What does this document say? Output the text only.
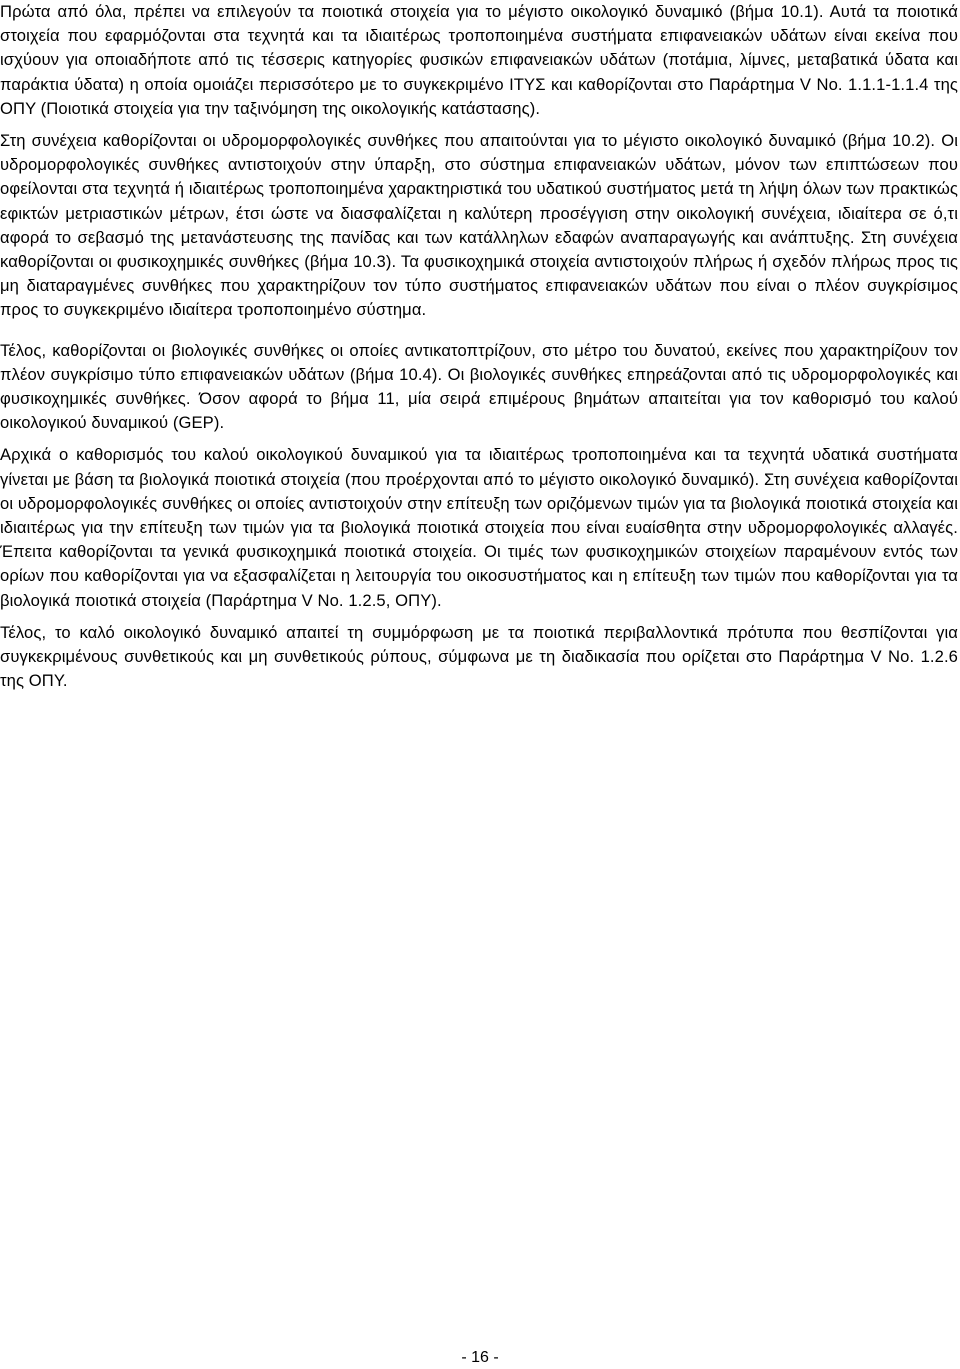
Πρώτα από όλα, πρέπει να επιλεγούν τα ποιοτικά στοιχεία για το μέγιστο οικολογικό δυναμικό (βήμα 10.1). Αυτά τα ποιοτικά στοιχεία που εφαρμόζονται στα τεχνητά και τα ιδιαιτέρως τροποποιημένα συστήματα επιφανειακών υδάτων είναι εκείνα που ισχύουν για οποιαδήποτε από τις τέσσερις κατηγορίες φυσικών επιφανειακών υδάτων (ποτάμια, λίμνες, μεταβατικά ύδατα και παράκτια ύδατα) η οποία ομοιάζει περισσότερο με το συγκεκριμένο ΙΤΥΣ και καθορίζονται στο Παράρτημα V No. 1.1.1-1.1.4 της ΟΠΥ (Ποιοτικά στοιχεία για την ταξινόμηση της οικολογικής κατάστασης).

Στη συνέχεια καθορίζονται οι υδρομορφολογικές συνθήκες που απαιτούνται για το μέγιστο οικολογικό δυναμικό (βήμα 10.2). Οι υδρομορφολογικές συνθήκες αντιστοιχούν στην ύπαρξη, στο σύστημα επιφανειακών υδάτων, μόνον των επιπτώσεων που οφείλονται στα τεχνητά ή ιδιαιτέρως τροποποιημένα χαρακτηριστικά του υδατικού συστήματος μετά τη λήψη όλων των πρακτικώς εφικτών μετριαστικών μέτρων, έτσι ώστε να διασφαλίζεται η καλύτερη προσέγγιση στην οικολογική συνέχεια, ιδιαίτερα σε ό,τι αφορά το σεβασμό της μετανάστευσης της πανίδας και των κατάλληλων εδαφών αναπαραγωγής και ανάπτυξης. Στη συνέχεια καθορίζονται οι φυσικοχημικές συνθήκες (βήμα 10.3). Τα φυσικοχημικά στοιχεία αντιστοιχούν πλήρως ή σχεδόν πλήρως προς τις μη διαταραγμένες συνθήκες που χαρακτηρίζουν τον τύπο συστήματος επιφανειακών υδάτων που είναι ο πλέον συγκρίσιμος προς το συγκεκριμένο ιδιαίτερα τροποποιημένο σύστημα.

Τέλος, καθορίζονται οι βιολογικές συνθήκες οι οποίες αντικατοπτρίζουν, στο μέτρο του δυνατού, εκείνες που χαρακτηρίζουν τον πλέον συγκρίσιμο τύπο επιφανειακών υδάτων (βήμα 10.4). Οι βιολογικές συνθήκες επηρεάζονται από τις υδρομορφολογικές και φυσικοχημικές συνθήκες. Όσον αφορά το βήμα 11, μία σειρά επιμέρους βημάτων απαιτείται για τον καθορισμό του καλού οικολογικού δυναμικού (GEP).

Αρχικά ο καθορισμός του καλού οικολογικού δυναμικού για τα ιδιαιτέρως τροποποιημένα και τα τεχνητά υδατικά συστήματα γίνεται με βάση τα βιολογικά ποιοτικά στοιχεία (που προέρχονται από το μέγιστο οικολογικό δυναμικό). Στη συνέχεια καθορίζονται οι υδρομορφολογικές συνθήκες οι οποίες αντιστοιχούν στην επίτευξη των οριζόμενων τιμών για τα βιολογικά ποιοτικά στοιχεία και ιδιαιτέρως για την επίτευξη των τιμών για τα βιολογικά ποιοτικά στοιχεία που είναι ευαίσθητα στην υδρομορφολογικές αλλαγές. Έπειτα καθορίζονται τα γενικά φυσικοχημικά ποιοτικά στοιχεία. Οι τιμές των φυσικοχημικών στοιχείων παραμένουν εντός των ορίων που καθορίζονται για να εξασφαλίζεται η λειτουργία του οικοσυστήματος και η επίτευξη των τιμών που καθορίζονται για τα βιολογικά ποιοτικά στοιχεία (Παράρτημα V No. 1.2.5, ΟΠΥ).

Τέλος, το καλό οικολογικό δυναμικό απαιτεί τη συμμόρφωση με τα ποιοτικά περιβαλλοντικά πρότυπα που θεσπίζονται για συγκεκριμένους συνθετικούς και μη συνθετικούς ρύπους, σύμφωνα με τη διαδικασία που ορίζεται στο Παράρτημα V No. 1.2.6 της ΟΠΥ.

- 16 -
